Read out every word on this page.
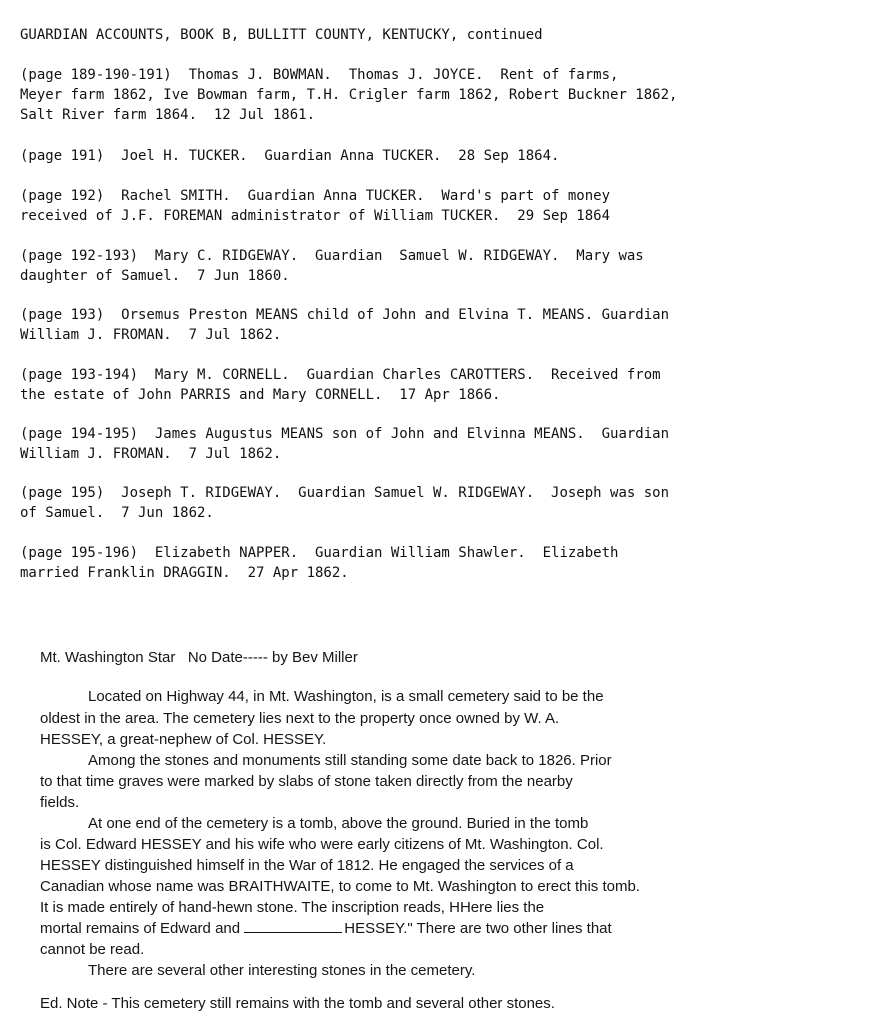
GUARDIAN ACCOUNTS, BOOK B, BULLITT COUNTY, KENTUCKY, continued
(page 189-190-191)  Thomas J. BOWMAN.  Thomas J. JOYCE.  Rent of farms,
Meyer farm 1862, Ive Bowman farm, T.H. Crigler farm 1862, Robert Buckner 1862,
Salt River farm 1864.  12 Jul 1861.
(page 191)  Joel H. TUCKER.  Guardian Anna TUCKER.  28 Sep 1864.
(page 192)  Rachel SMITH.  Guardian Anna TUCKER.  Ward's part of money
received of J.F. FOREMAN administrator of William TUCKER.  29 Sep 1864
(page 192-193)  Mary C. RIDGEWAY.  Guardian  Samuel W. RIDGEWAY.  Mary was
daughter of Samuel.  7 Jun 1860.
(page 193)  Orsemus Preston MEANS child of John and Elvina T. MEANS. Guardian
William J. FROMAN.  7 Jul 1862.
(page 193-194)  Mary M. CORNELL.  Guardian Charles CAROTTERS.  Received from
the estate of John PARRIS and Mary CORNELL.  17 Apr 1866.
(page 194-195)  James Augustus MEANS son of John and Elvinna MEANS.  Guardian
William J. FROMAN.  7 Jul 1862.
(page 195)  Joseph T. RIDGEWAY.  Guardian Samuel W. RIDGEWAY.  Joseph was son
of Samuel.  7 Jun 1862.
(page 195-196)  Elizabeth NAPPER.  Guardian William Shawler.  Elizabeth
married Franklin DRAGGIN.  27 Apr 1862.
Mt. Washington Star   No Date----- by Bev Miller
Located on Highway 44, in Mt. Washington, is a small cemetery said to be the
oldest in the area. The cemetery lies next to the property once owned by W. A.
HESSEY, a great-nephew of Col. HESSEY.
Among the stones and monuments still standing some date back to 1826. Prior
to that time graves were marked by slabs of stone taken directly from the nearby
fields.
At one end of the cemetery is a tomb, above the ground. Buried in the tomb
is Col. Edward HESSEY and his wife who were early citizens of Mt. Washington. Col.
HESSEY distinguished himself in the War of 1812. He engaged the services of a
Canadian whose name was BRAITHWAITE, to come to Mt. Washington to erect this tomb.
It is made entirely of hand-hewn stone. The inscription reads, HHere lies the
mortal remains of Edward and	HESSEY." There are two other lines that
cannot be read.
There are several other interesting stones in the cemetery.
Ed. Note - This cemetery still remains with the tomb and several other stones.
